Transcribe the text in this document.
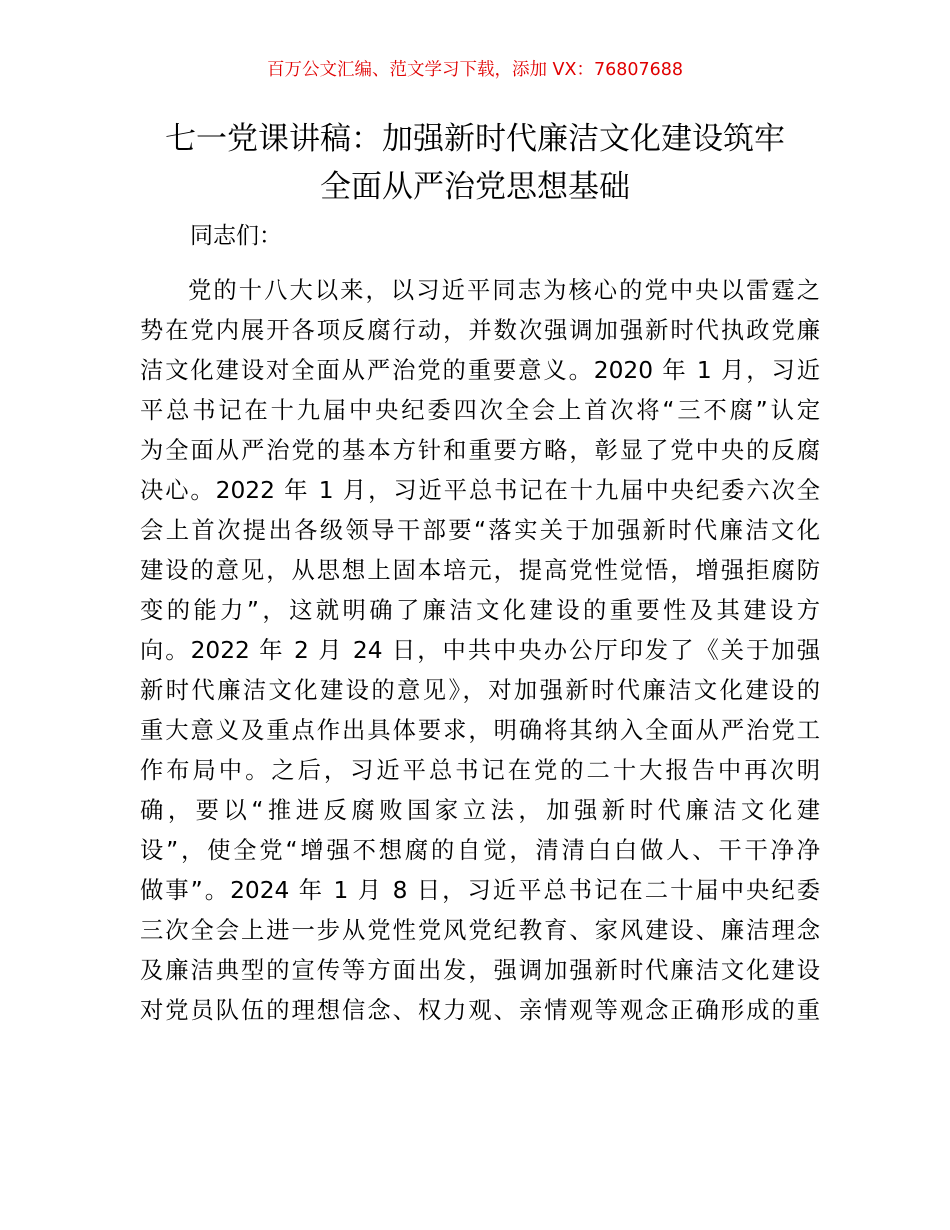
百万公文汇编、范文学习下载，添加 VX：76807688
七一党课讲稿：加强新时代廉洁文化建设筑牢
全面从严治党思想基础
同志们：
党的十八大以来，以习近平同志为核心的党中央以雷霆之
势在党内展开各项反腐行动，并数次强调加强新时代执政党廉
洁文化建设对全面从严治党的重要意义。2020 年 1 月，习近
平总书记在十九届中央纪委四次全会上首次将“三不腐”认定
为全面从严治党的基本方针和重要方略，彰显了党中央的反腐
决心。2022 年 1 月，习近平总书记在十九届中央纪委六次全
会上首次提出各级领导干部要“落实关于加强新时代廉洁文化
建设的意见，从思想上固本培元，提高党性觉悟，增强拒腐防
变的能力”，这就明确了廉洁文化建设的重要性及其建设方
向。2022 年 2 月 24 日，中共中央办公厅印发了《关于加强
新时代廉洁文化建设的意见》，对加强新时代廉洁文化建设的
重大意义及重点作出具体要求，明确将其纳入全面从严治党工
作布局中。之后，习近平总书记在党的二十大报告中再次明
确，要以“推进反腐败国家立法，加强新时代廉洁文化建
设”，使全党“增强不想腐的自觉，清清白白做人、干干净净
做事”。2024 年 1 月 8 日，习近平总书记在二十届中央纪委
三次全会上进一步从党性党风党纪教育、家风建设、廉洁理念
及廉洁典型的宣传等方面出发，强调加强新时代廉洁文化建设
对党员队伍的理想信念、权力观、亲情观等观念正确形成的重
